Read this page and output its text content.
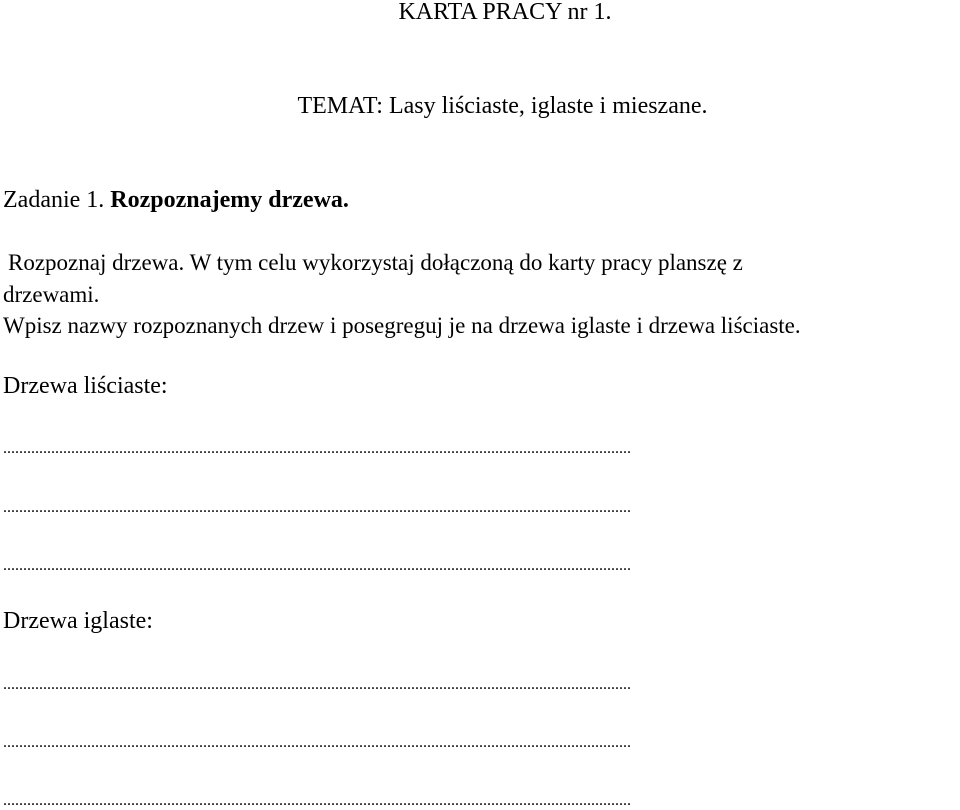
KARTA PRACY nr 1.

TEMAT: Lasy liściaste, iglaste i mieszane.

Zadanie 1. Rozpoznajemy drzewa.

Rozpoznaj drzewa. W tym celu wykorzystaj dołączoną do karty pracy planszę z

drzewami.

Wpisz nazwy rozpoznanych drzew i posegreguj je na drzewa iglaste i drzewa liściaste.

Drzewa liściaste:

.............................................................................................................................................................
.............................................................................................................................................................
.............................................................................................................................................................

Drzewa iglaste:

.............................................................................................................................................................
.............................................................................................................................................................
.............................................................................................................................................................
